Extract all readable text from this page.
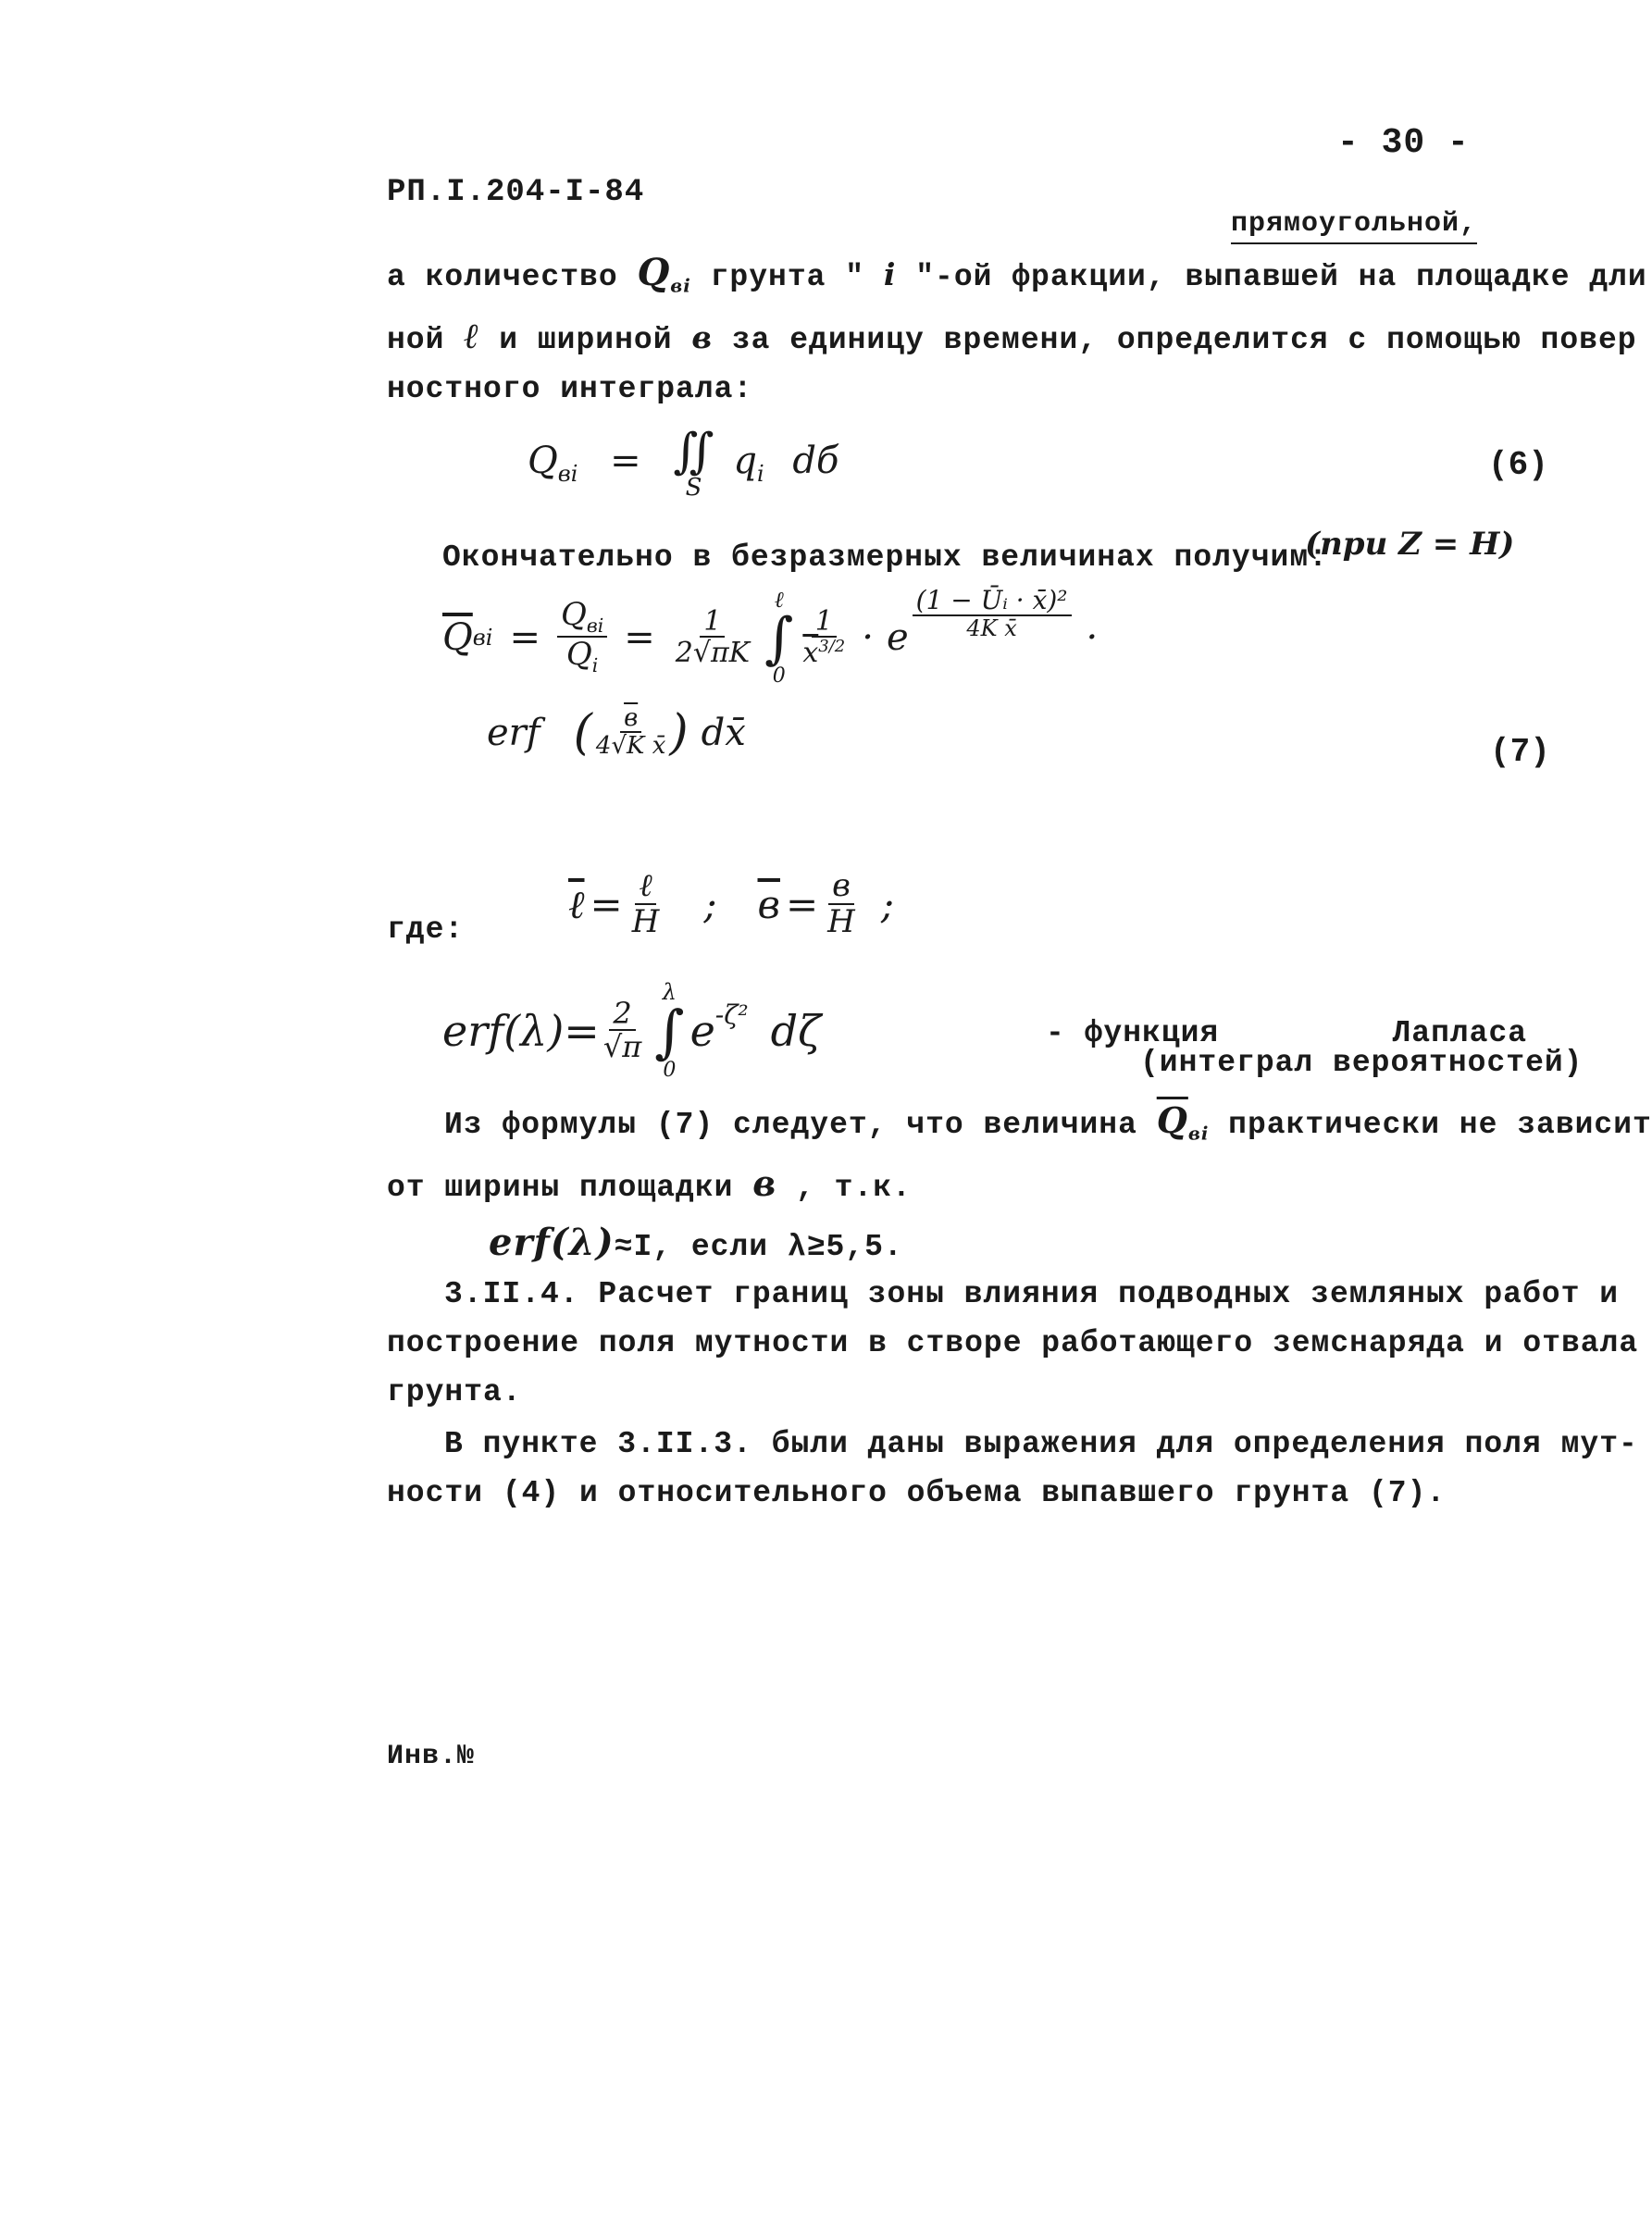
- 30 -
РП.I.204-I-84
прямоугольной,

а количество $Q_{вi}$ грунта " i "-ой фракции, выпавшей на площадке дли

ной ℓ и шириной в за единицу времени, определится с помощью повер

ностного интеграла:

$Q_{вi}$ = ∬
S
$q_i$ dб	(6)
Окончательно в безразмерных величинах получим:
(при Z = H)
$\overline{Q}$ вi = $\frac{Q_{вi}}{Q_i} = \frac{1}{2√\pi K}$
ℓ
∫
0
$\frac{1}{\overline{x}^{3/2}} \cdot e \frac{\text{(1 − Ūᵢ · x̄)²}}{\text{4K x̄}}$ ·
erf ( $\frac{в}{\text{4√K x̄}}$ ) dx̄	(7)
где:
ℓ = $\frac{\text{ℓ}}{H}$ ; $в = \frac{в}{H}$ ;
$erf(\lambda)= \frac{2}{√\pi}$
λ
∫
0
$e^{-\zeta^2}$ dζ	- функция         Лапласа
(интеграл вероятностей)

Из формулы (7) следует, что величина $\overline{Q}_{вi}$ практически не зависит

от ширины площадки в , т.к.

erf(λ)≈I, если λ≥5,5.

3.II.4. Расчет границ зоны влияния подводных земляных работ и

построение поля мутности в створе работающего земснаряда и отвала

грунта.

В пункте 3.II.3. были даны выражения для определения поля мут-

ности (4) и относительного объема выпавшего грунта (7).

Инв.№
